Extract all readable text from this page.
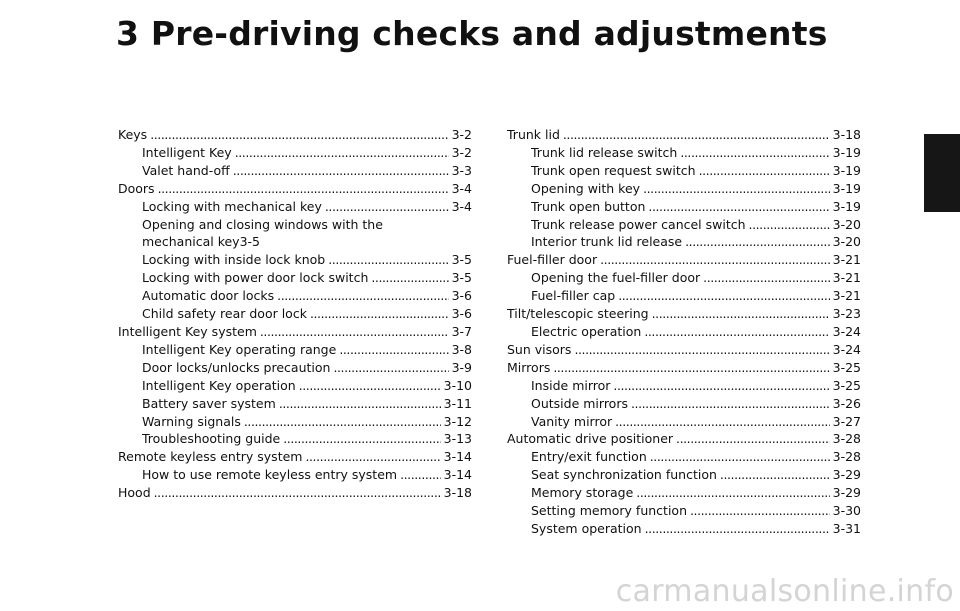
3 Pre-driving checks and adjustments
Keys . . .	3-2
Intelligent Key . . .	3-2
Valet hand-off . . .	3-3
Doors . . .	3-4
Locking with mechanical key . . .	3-4
Opening and closing windows with the
mechanical key 3-5
Locking with inside lock knob . . .	3-5
Locking with power door lock switch . . .	3-5
Automatic door locks . . .	3-6
Child safety rear door lock . . .	3-6
Intelligent Key system . . .	3-7
Intelligent Key operating range . . .	3-8
Door locks/unlocks precaution . . .	3-9
Intelligent Key operation . . .	3-10
Battery saver system . . .	3-11
Warning signals . . .	3-12
Troubleshooting guide . . .	3-13
Remote keyless entry system . . .	3-14
How to use remote keyless entry system . . .	3-14
Hood . . .	3-18
Trunk lid . . .	3-18
Trunk lid release switch . . .	3-19
Trunk open request switch . . .	3-19
Opening with key . . .	3-19
Trunk open button . . .	3-19
Trunk release power cancel switch . . .	3-20
Interior trunk lid release . . .	3-20
Fuel-filler door . . .	3-21
Opening the fuel-filler door . . .	3-21
Fuel-filler cap . . .	3-21
Tilt/telescopic steering . . .	3-23
Electric operation . . .	3-24
Sun visors . . .	3-24
Mirrors . . .	3-25
Inside mirror . . .	3-25
Outside mirrors . . .	3-26
Vanity mirror . . .	3-27
Automatic drive positioner . . .	3-28
Entry/exit function . . .	3-28
Seat synchronization function . . .	3-29
Memory storage . . .	3-29
Setting memory function . . .	3-30
System operation . . .	3-31
carmanualsonline.info
